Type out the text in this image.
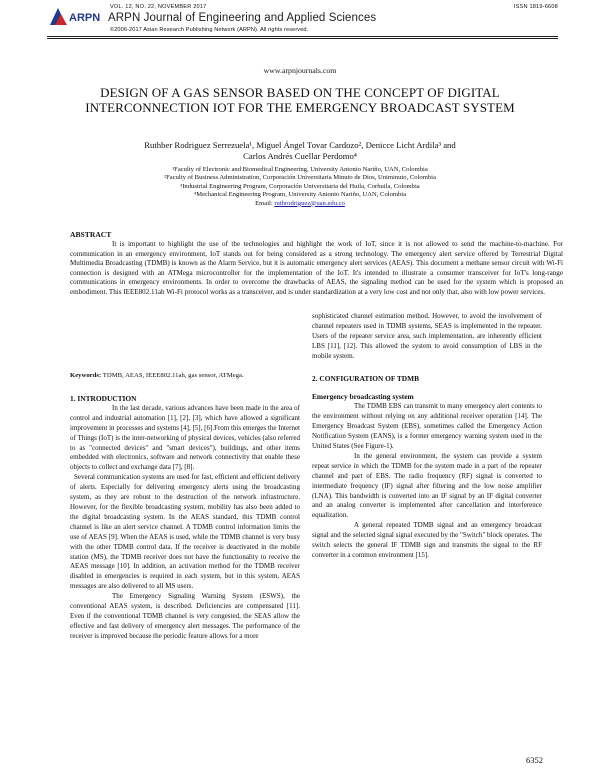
ARPN
VOL. 12, NO. 22, NOVEMBER 2017	ISSN 1819-6608
ARPN Journal of Engineering and Applied Sciences
©2006-2017 Asian Research Publishing Network (ARPN). All rights reserved.
www.arpnjournals.com
DESIGN OF A GAS SENSOR BASED ON THE CONCEPT OF DIGITAL INTERCONNECTION IOT FOR THE EMERGENCY BROADCAST SYSTEM
Ruthber Rodriguez Serrezuela¹, Miguel Ángel Tovar Cardozo², Denicce Licht Ardila³ and
Carlos Andrés Cuellar Perdomo⁴
¹Faculty of Electronic and Biomedical Engineering, University Antonio Nariño, UAN, Colombia
²Faculty of Business Administration, Corporación Universitaria Minuto de Dios, Uniminuto, Colombia
³Industrial Engineering Program, Corporación Universitaria del Huila, Corhuila, Colombia
⁴Mechanical Engineering Program, University Antonio Nariño, UAN, Colombia
Email: ruthrodriguez@uan.edu.co
ABSTRACT
It is important to highlight the use of the technologies and highlight the work of IoT, since it is not allowed to send the machine-to-machine. For communication in an emergency environment, IoT stands out for being considered as a strong technology. The emergency alert service offered by Terrestrial Digital Multimedia Broadcasting (TDMB) is known as the Alarm Service, but it is automatic emergency alert services (AEAS). This document a methane sensor circuit with Wi-Fi connection is designed with an ATMega microcontroller for the implementation of the IoT. It's intended to illustrate a consumer transceiver for IoT's long-range communications in emergency environments. In order to overcome the drawbacks of AEAS, the signaling method can be used for the system which is proposed an embodiment. This IEEE802.11ah Wi-Fi protocol works as a transceiver, and is under standardization at a very low cost and not only that, also with low power services.
Keywords: TDMB, AEAS, IEEE802.11ah, gas sensor, ATMega.

1. INTRODUCTION

In the last decade, various advances have been made in the area of control and industrial automation [1], [2], [3], which have allowed a significant improvement in processes and systems [4], [5], [6].From this emerges the Internet of Things (IoT) is the inter-networking of physical devices, vehicles (also referred to as "connected devices" and "smart devices"), buildings, and other items embedded with electronics, software and network connectivity that enable these objects to collect and exchange data [7], [8].

Several communication systems are used for fast, efficient and efficient delivery of alerts. Especially for delivering emergency alerts using the broadcasting system, as they are robust to the destruction of the network infrastructure. However, for the flexible broadcasting system, mobility has also been added to the digital broadcasting system. In the AEAS standard, this TDMB control channel is like an alert service channel. A TDMB control information limits the use of AEAS [9]. When the AEAS is used, while the TDMB channel is very busy with the other TDMB control data. If the receiver is deactivated in the mobile station (MS), the TDMB receiver does not have the functionality to receive the AEAS message [10]. In addition, an activation method for the TDMB receiver disabled in emergencies is required in each system, but in this system, AEAS messages are also delivered to all MS users.

The Emergency Signaling Warning System (ESWS), the conventional AEAS system, is described. Deficiencies are compensated [11]. Even if the conventional TDMB channel is very congested, the SEAS allow the effective and fast delivery of emergency alert messages. The performance of the receiver is improved because the periodic feature allows for a more

sophisticated channel estimation method. However, to avoid the involvement of channel repeaters used in TDMB systems, SEAS is implemented in the repeater. Users of the repeater service area, such implementation, are inherently efficient LBS [11], [12]. This allowed the system to avoid consumption of LBS in the mobile system.

2. CONFIGURATION OF TDMB

Emergency broadcasting system

The TDMB EBS can transmit to many emergency alert contents to the environment without relying on any additional receiver operation [14]. The Emergency Broadcast System (EBS), sometimes called the Emergency Action Notification System (EANS), is a former emergency warning system used in the United States (See Figure-1).

In the general environment, the system can provide a system repeat service in which the TDMB for the system made in a part of the repeater channel and part of EBS. The radio frequency (RF) signal is converted to intermediate frequency (IF) signal after filtering and the low noise amplifier (LNA). This bandwidth is converted into an IF signal by an IF digital converter and an analog converter is implemented after cancellation and interference equalization.

A general repeated TDMB signal and an emergency broadcast signal and the selected signal signal executed by the "Switch" block operates. The switch selects the general IF TDMB sign and transmits the signal to the RF converter in a common environment [15].

6352
